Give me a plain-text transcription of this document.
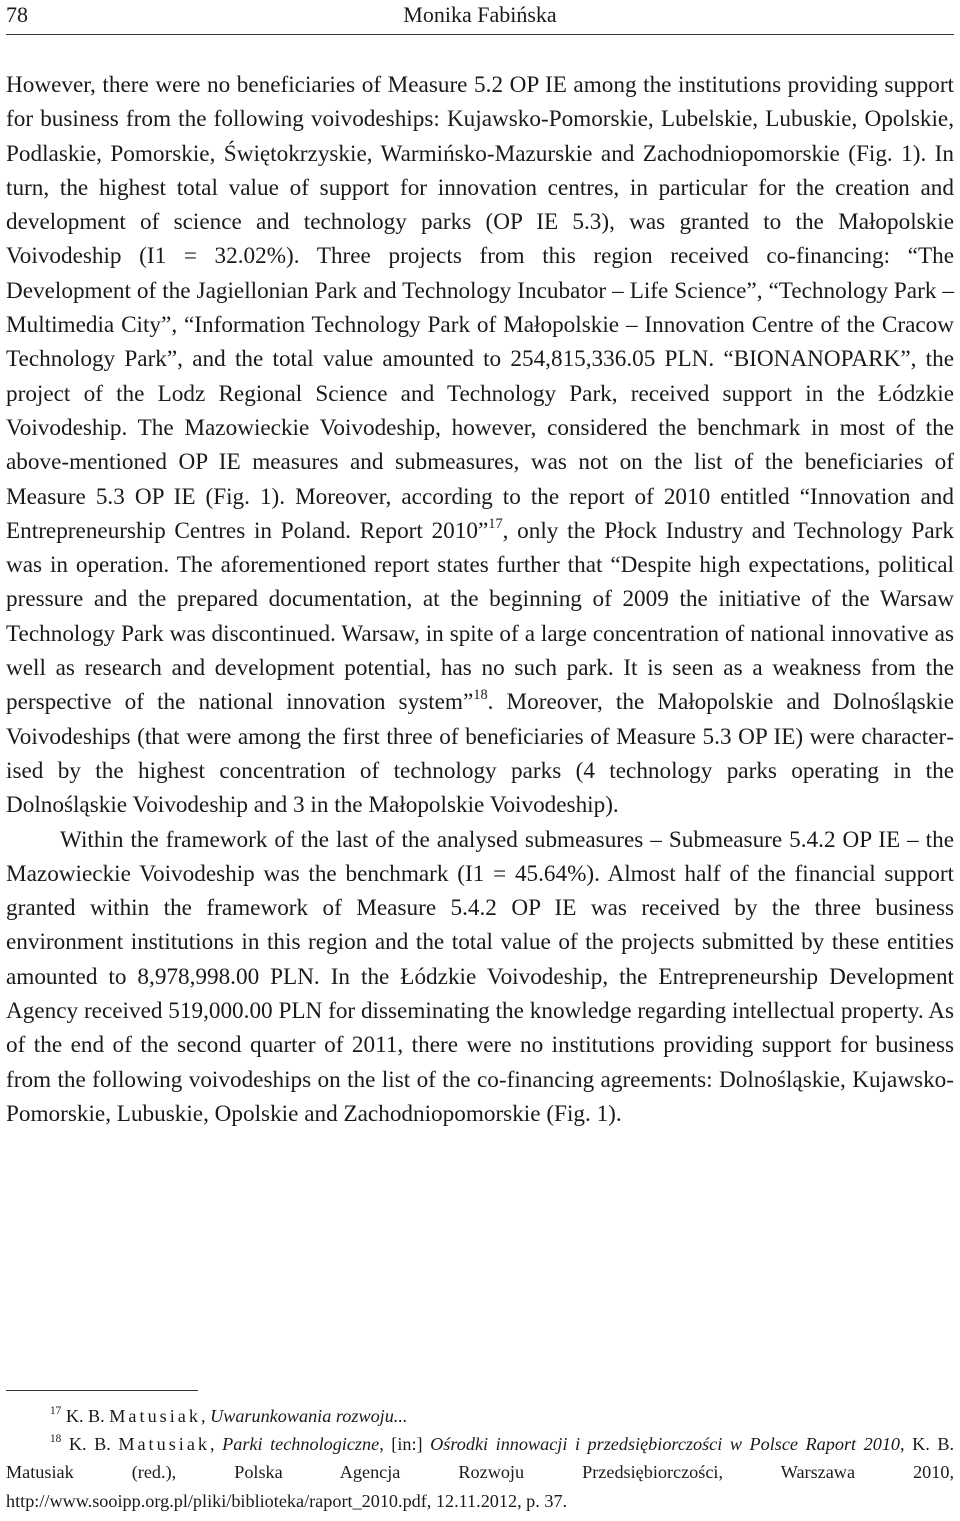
78	Monika Fabińska

However, there were no beneficiaries of Measure 5.2 OP IE among the institutions providing support for business from the following voivodeships: Kujawsko-Pomorskie, Lubelskie, Lubuskie, Opolskie, Podlaskie, Pomorskie, Świętokrzyskie, Warmińsko-Mazurskie and Zachodniopomorskie (Fig. 1). In turn, the highest total value of support for innovation centres, in particular for the creation and development of science and technology parks (OP IE 5.3), was granted to the Małopolskie Voivodeship (I1 = 32.02%). Three projects from this region received co-financing: “The Development of the Jagiellonian Park and Technology Incubator – Life Science”, “Technology Park – Multimedia City”, “Information Technology Park of Małopolskie – Innovation Centre of the Cracow Technology Park”, and the total value amounted to 254,815,336.05 PLN. “BIONANOPARK”, the project of the Lodz Regional Science and Technology Park, received support in the Łódzkie Voivodeship. The Mazowieckie Voivodeship, however, considered the benchmark in most of the above-mentioned OP IE measures and submeasures, was not on the list of the beneficiaries of Measure 5.3 OP IE (Fig. 1). Moreover, according to the report of 2010 entitled “Innovation and Entrepreneurship Centres in Poland. Report 2010”$^{17}$, only the Płock Industry and Technology Park was in operation. The aforementioned report states further that “Despite high expectations, political pressure and the prepared documentation, at the beginning of 2009 the initiative of the Warsaw Technology Park was discontinued. Warsaw, in spite of a large concentration of national innovative as well as research and development potential, has no such park. It is seen as a weakness from the perspective of the national innovation system”$^{18}$. Moreover, the Małopolskie and Dolnośląskie Voivodeships (that were among the first three of beneficiaries of Measure 5.3 OP IE) were characterised by the highest concentration of technology parks (4 technology parks operating in the Dolnośląskie Voivodeship and 3 in the Małopolskie Voivodeship).

Within the framework of the last of the analysed submeasures – Submeasure 5.4.2 OP IE – the Mazowieckie Voivodeship was the benchmark (I1 = 45.64%). Almost half of the financial support granted within the framework of Measure 5.4.2 OP IE was received by the three business environment institutions in this region and the total value of the projects submitted by these entities amounted to 8,978,998.00 PLN. In the Łódzkie Voivodeship, the Entrepreneurship Development Agency received 519,000.00 PLN for disseminating the knowledge regarding intellectual property. As of the end of the second quarter of 2011, there were no institutions providing support for business from the following voivodeships on the list of the co-financing agreements: Dolnośląskie, Kujawsko-Pomorskie, Lubuskie, Opolskie and Zachodniopomorskie (Fig. 1).

$^{17}$ K. B. Matusiak, Uwarunkowania rozwoju...

$^{18}$ K. B. Matusiak, Parki technologiczne, [in:] Ośrodki innowacji i przedsiębiorczości w Polsce Raport 2010, K. B. Matusiak (red.), Polska Agencja Rozwoju Przedsiębiorczości, Warszawa 2010, http://www.sooipp.org.pl/pliki/biblioteka/raport_2010.pdf, 12.11.2012, p. 37.
